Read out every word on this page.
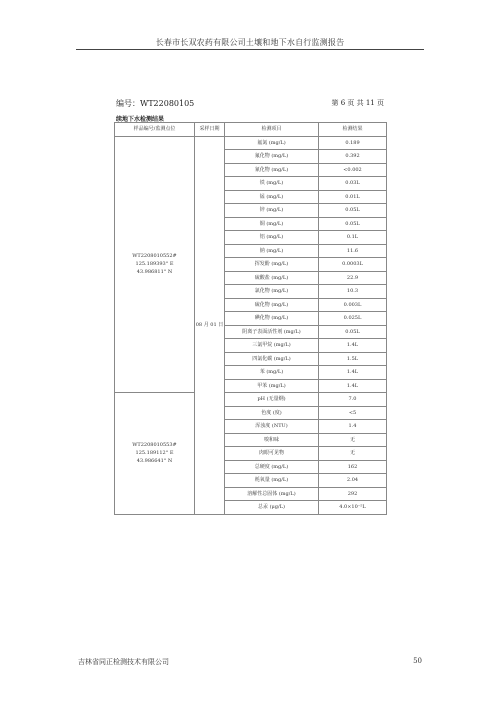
长春市长双农药有限公司土壤和地下水自行监测报告
编号：WT22080105	第 6 页 共 11 页
续地下水检测结果
样品编号/监测点位	采样日期	检测项目	检测结果

WT2208010552#
125.189393° E
43.986811° N	08 月 01 日	氟氮 (mg/L)	0.189
		氟化物 (mg/L)	0.392
		氰化物 (mg/L)	<0.002
		铁 (mg/L)	0.03L
		锰 (mg/L)	0.01L
		锌 (mg/L)	0.05L
		铜 (mg/L)	0.05L
		铝 (mg/L)	0.1L
		钠 (mg/L)	11.6
		挥发酚 (mg/L)	0.0003L
		硫酸盐 (mg/L)	22.9
		氯化物 (mg/L)	10.3
		硫化物 (mg/L)	0.003L
		碘化物 (mg/L)	0.025L
		阴离子表面活性剂 (mg/L)	0.05L
		三氯甲烷 (mg/L)	1.4L
		四氯化碳 (mg/L)	1.5L
		苯 (mg/L)	1.4L
		甲苯 (mg/L)	1.4L

WT2208010553#
125.189112° E
43.986641° N		pH (无量纲)	7.0
		色度 (度)	<5
		浑浊度 (NTU)	1.4
		嗅和味	无
		肉眼可见物	无
		总硬度 (mg/L)	162
		耗氧量 (mg/L)	2.04
		溶解性总固体 (mg/L)	292
		总汞 (μg/L)	4.0×10⁻⁵L
吉林省同正检测技术有限公司	50
